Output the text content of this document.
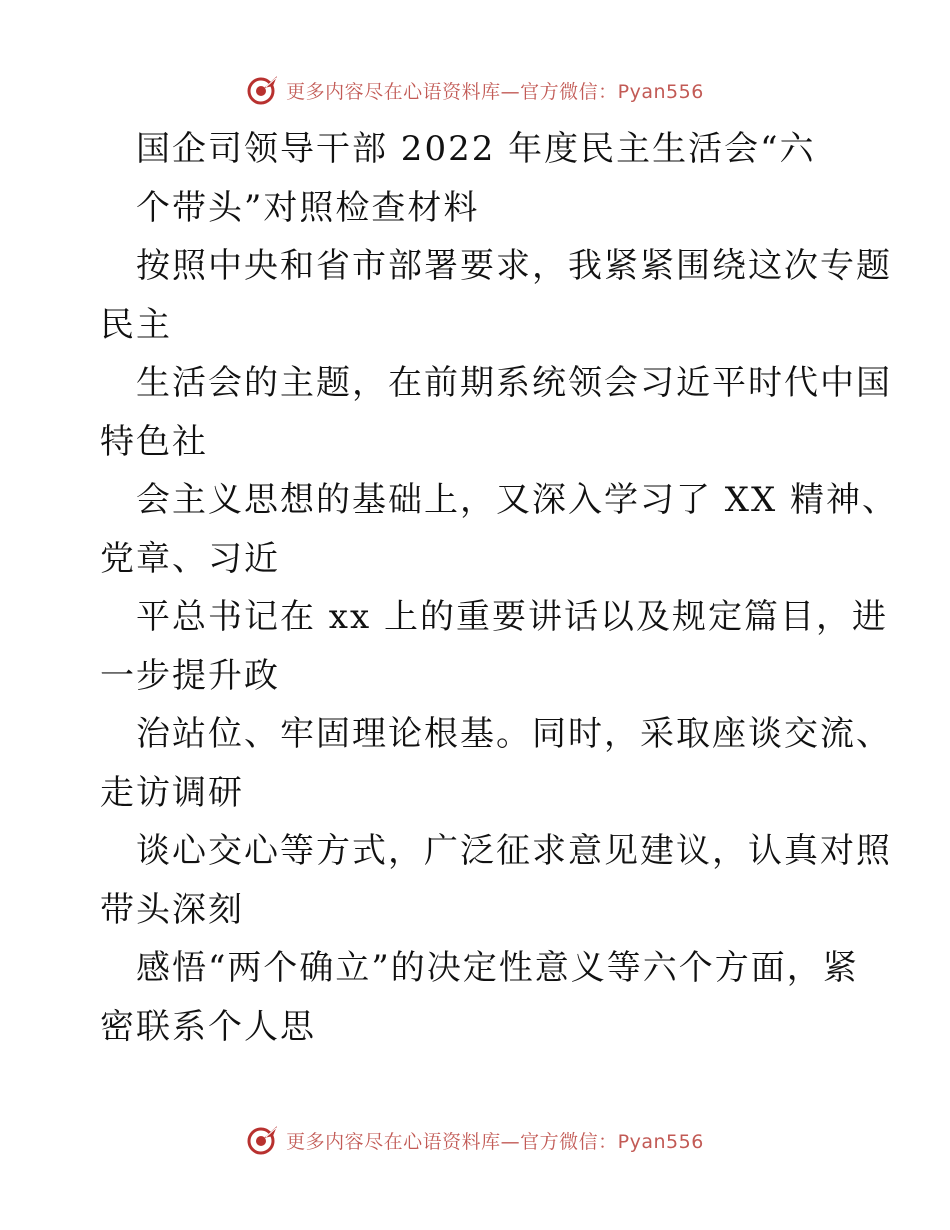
更多内容尽在心语资料库—官方微信：Pyan556
国企司领导干部 2022 年度民主生活会“六
个带头”对照检查材料
按照中央和省市部署要求，我紧紧围绕这次专题
民主
生活会的主题，在前期系统领会习近平时代中国
特色社
会主义思想的基础上，又深入学习了 XX 精神、
党章、习近
平总书记在 xx 上的重要讲话以及规定篇目，进
一步提升政
治站位、牢固理论根基。同时，采取座谈交流、
走访调研
谈心交心等方式，广泛征求意见建议，认真对照
带头深刻
感悟“两个确立”的决定性意义等六个方面，紧
密联系个人思
更多内容尽在心语资料库—官方微信：Pyan556
